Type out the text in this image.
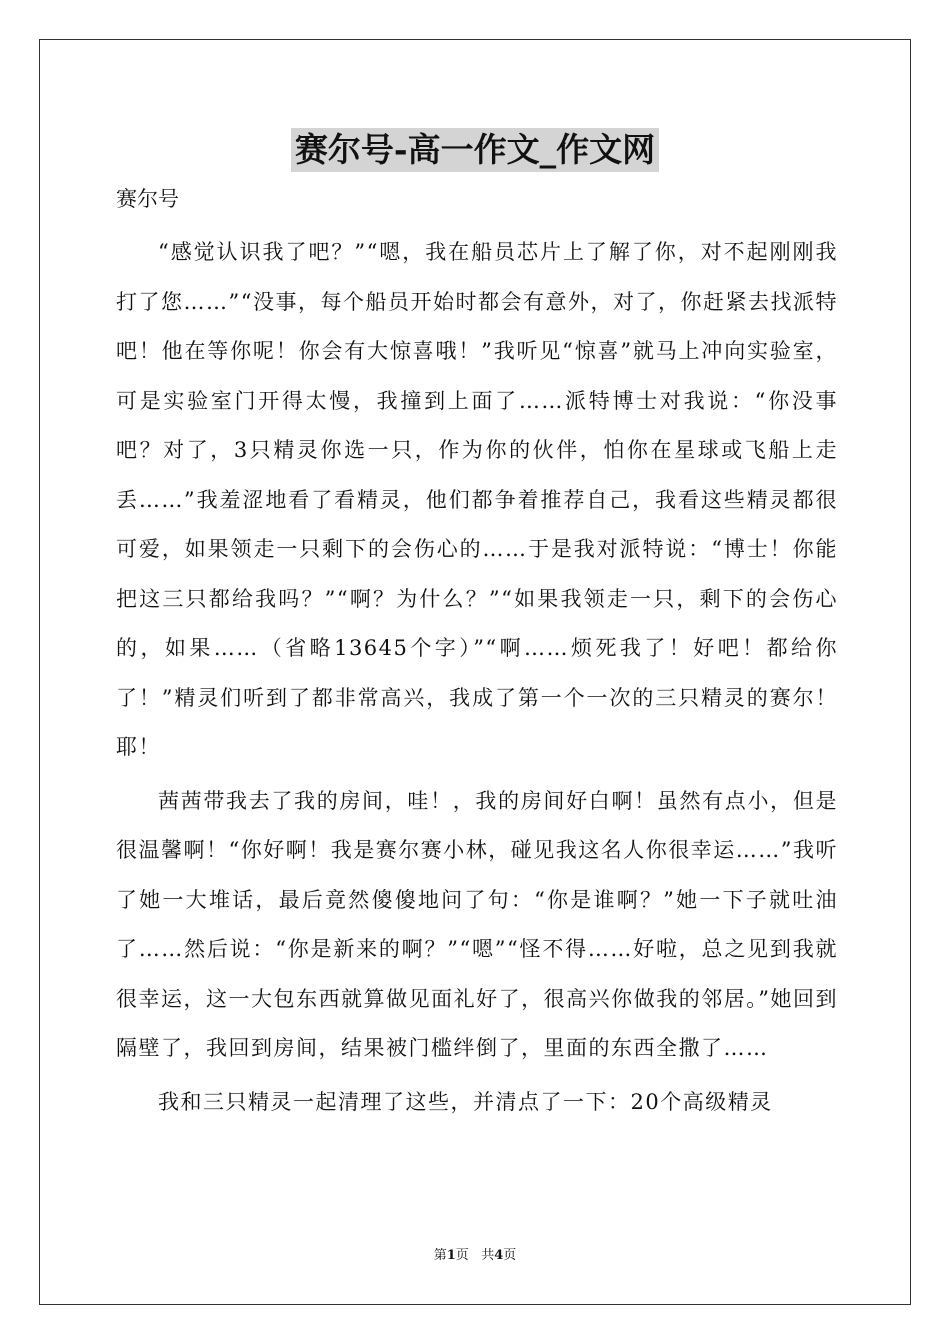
赛尔号-高一作文_作文网
赛尔号

“感觉认识我了吧？”“嗯，我在船员芯片上了解了你，对不起刚刚我打了您……”“没事，每个船员开始时都会有意外，对了，你赶紧去找派特吧！他在等你呢！你会有大惊喜哦！”我听见“惊喜”就马上冲向实验室，可是实验室门开得太慢，我撞到上面了……派特博士对我说：“你没事吧？对了，3只精灵你选一只，作为你的伙伴，怕你在星球或飞船上走丢……”我羞涩地看了看精灵，他们都争着推荐自己，我看这些精灵都很可爱，如果领走一只剩下的会伤心的……于是我对派特说：“博士！你能把这三只都给我吗？”“啊？为什么？”“如果我领走一只，剩下的会伤心的，如果……（省略13645个字）”“啊……烦死我了！好吧！都给你了！”精灵们听到了都非常高兴，我成了第一个一次的三只精灵的赛尔！耶！

茜茜带我去了我的房间，哇！，我的房间好白啊！虽然有点小，但是很温馨啊！“你好啊！我是赛尔赛小林，碰见我这名人你很幸运……”我听了她一大堆话，最后竟然傻傻地问了句：“你是谁啊？”她一下子就吐油了……然后说：“你是新来的啊？”“嗯”“怪不得……好啦，总之见到我就很幸运，这一大包东西就算做见面礼好了，很高兴你做我的邻居。”她回到隔壁了，我回到房间，结果被门槛绊倒了，里面的东西全撒了……

我和三只精灵一起清理了这些，并清点了一下：20个高级精灵

第1页 共4页
